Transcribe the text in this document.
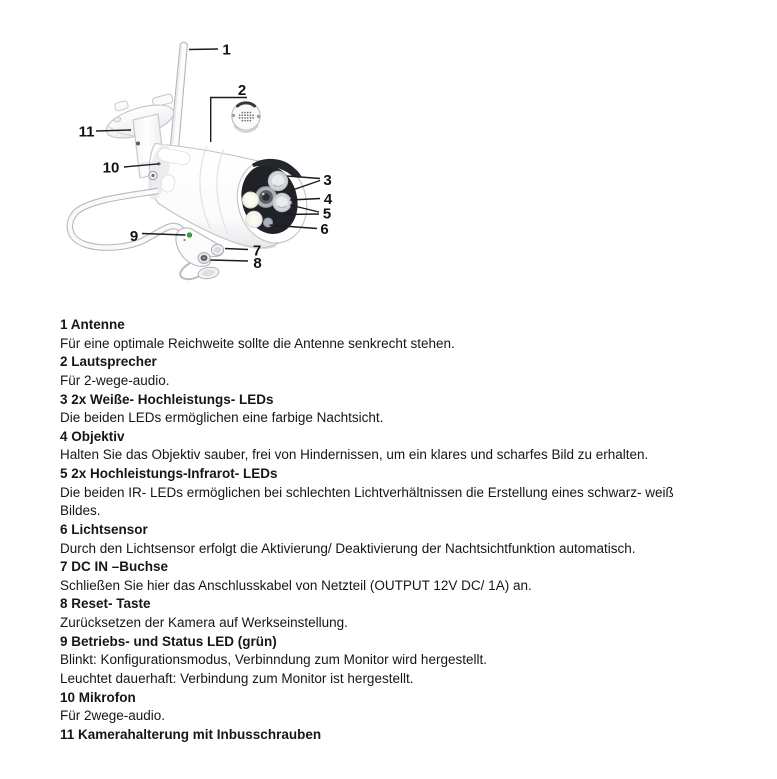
1
2
3
4
5
6
7
8
9
10
11
1 Antenne
Für eine optimale Reichweite sollte die Antenne senkrecht stehen.
2 Lautsprecher
Für 2-wege-audio.
3 2x Weiße- Hochleistungs- LEDs
Die beiden LEDs ermöglichen eine farbige Nachtsicht.
4 Objektiv
Halten Sie das Objektiv sauber, frei von Hindernissen, um ein klares und scharfes Bild zu erhalten.
5 2x Hochleistungs-Infrarot- LEDs
Die beiden IR- LEDs ermöglichen bei schlechten Lichtverhältnissen die Erstellung eines schwarz- weiß
Bildes.
6 Lichtsensor
Durch den Lichtsensor erfolgt die Aktivierung/ Deaktivierung der Nachtsichtfunktion automatisch.
7 DC IN –Buchse
Schließen Sie hier das Anschlusskabel von Netzteil (OUTPUT 12V DC/ 1A) an.
8 Reset- Taste
Zurücksetzen der Kamera auf Werkseinstellung.
9 Betriebs- und Status LED (grün)
Blinkt: Konfigurationsmodus, Verbinndung zum Monitor wird hergestellt.
Leuchtet dauerhaft: Verbindung zum Monitor ist hergestellt.
10 Mikrofon
Für 2wege-audio.
11 Kamerahalterung mit Inbusschrauben
